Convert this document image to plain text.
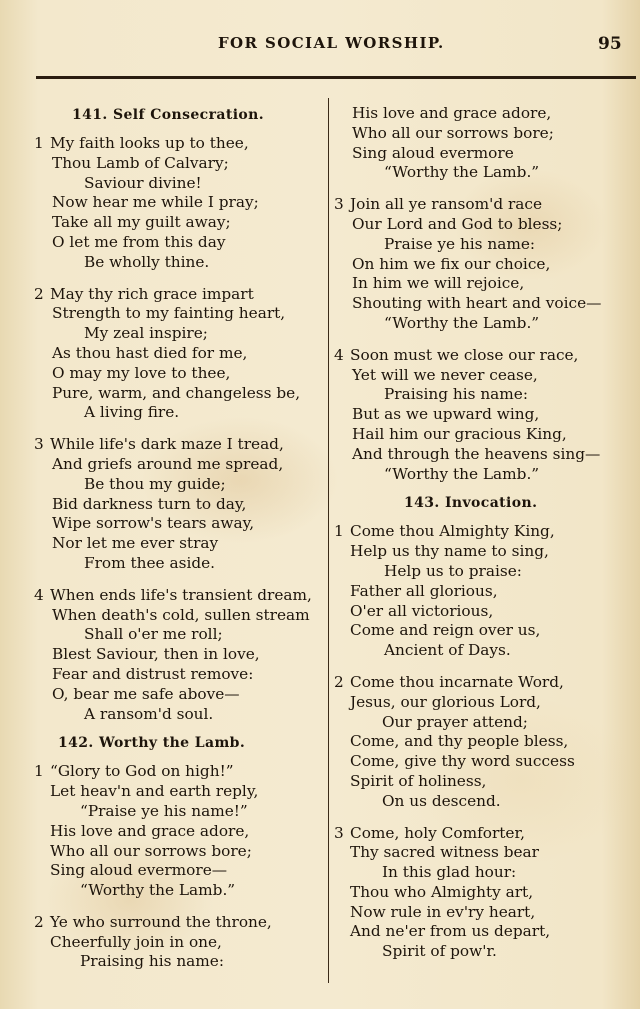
FOR SOCIAL WORSHIP.	95
141. Self Consecration.
1 My faith looks up to thee,
Thou Lamb of Calvary;
Saviour divine!
Now hear me while I pray;
Take all my guilt away;
O let me from this day
Be wholly thine.
2 May thy rich grace impart
Strength to my fainting heart,
My zeal inspire;
As thou hast died for me,
O may my love to thee,
Pure, warm, and changeless be,
A living fire.
3 While life's dark maze I tread,
And griefs around me spread,
Be thou my guide;
Bid darkness turn to day,
Wipe sorrow's tears away,
Nor let me ever stray
From thee aside.
4 When ends life's transient dream,
When death's cold, sullen stream
Shall o'er me roll;
Blest Saviour, then in love,
Fear and distrust remove:
O, bear me safe above—
A ransom'd soul.
142. Worthy the Lamb.
1 “Glory to God on high!”
Let heav'n and earth reply,
“Praise ye his name!”
His love and grace adore,
Who all our sorrows bore;
Sing aloud evermore—
“Worthy the Lamb.”
2 Ye who surround the throne,
Cheerfully join in one,
Praising his name:
His love and grace adore,
Who all our sorrows bore;
Sing aloud evermore
“Worthy the Lamb.”
3 Join all ye ransom'd race
Our Lord and God to bless;
Praise ye his name:
On him we fix our choice,
In him we will rejoice,
Shouting with heart and voice—
“Worthy the Lamb.”
4 Soon must we close our race,
Yet will we never cease,
Praising his name:
But as we upward wing,
Hail him our gracious King,
And through the heavens sing—
“Worthy the Lamb.”
143. Invocation.
1 Come thou Almighty King,
Help us thy name to sing,
Help us to praise:
Father all glorious,
O'er all victorious,
Come and reign over us,
Ancient of Days.
2 Come thou incarnate Word,
Jesus, our glorious Lord,
Our prayer attend;
Come, and thy people bless,
Come, give thy word success
Spirit of holiness,
On us descend.
3 Come, holy Comforter,
Thy sacred witness bear
In this glad hour:
Thou who Almighty art,
Now rule in ev'ry heart,
And ne'er from us depart,
Spirit of pow'r.
